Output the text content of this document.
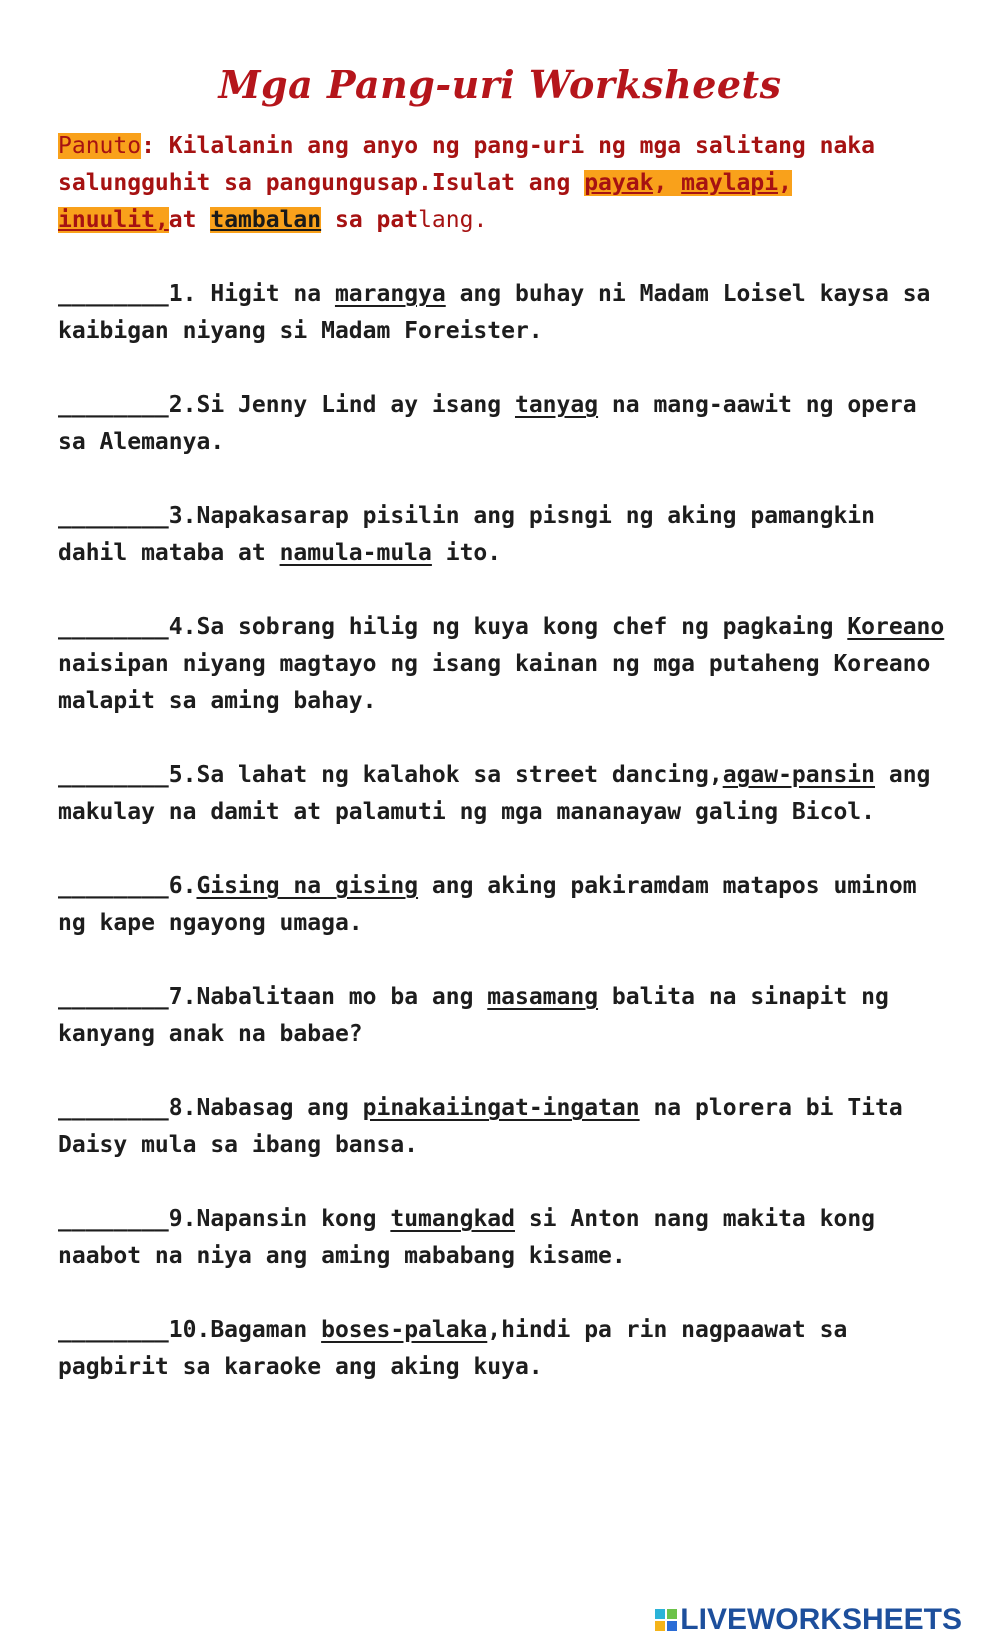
Mga Pang-uri Worksheets
Panuto: Kilalanin ang anyo ng pang-uri ng mga salitang naka salungguhit sa pangungusap.Isulat ang payak, maylapi, inuulit,at tambalan sa patlang.
________1. Higit na marangya ang buhay ni Madam Loisel kaysa sa kaibigan niyang si Madam Foreister.
________2.Si Jenny Lind ay isang tanyag na mang-aawit ng opera sa Alemanya.
________3.Napakasarap pisilin ang pisngi ng aking pamangkin dahil mataba at namula-mula ito.
________4.Sa sobrang hilig ng kuya kong chef ng pagkaing Koreano naisipan niyang magtayo ng isang kainan ng mga putaheng Koreano malapit sa aming bahay.
________5.Sa lahat ng kalahok sa street dancing,agaw-pansin ang makulay na damit at palamuti ng mga mananayaw galing Bicol.
________6.Gising na gising ang aking pakiramdam matapos uminom ng kape ngayong umaga.
________7.Nabalitaan mo ba ang masamang balita na sinapit ng kanyang anak na babae?
________8.Nabasag ang pinakaiingat-ingatan na plorera bi Tita Daisy mula sa ibang bansa.
________9.Napansin kong tumangkad si Anton nang makita kong naabot na niya ang aming mababang kisame.
________10.Bagaman boses-palaka,hindi pa rin nagpaawat sa pagbirit sa karaoke ang aking kuya.
LIVEWORKSHEETS
